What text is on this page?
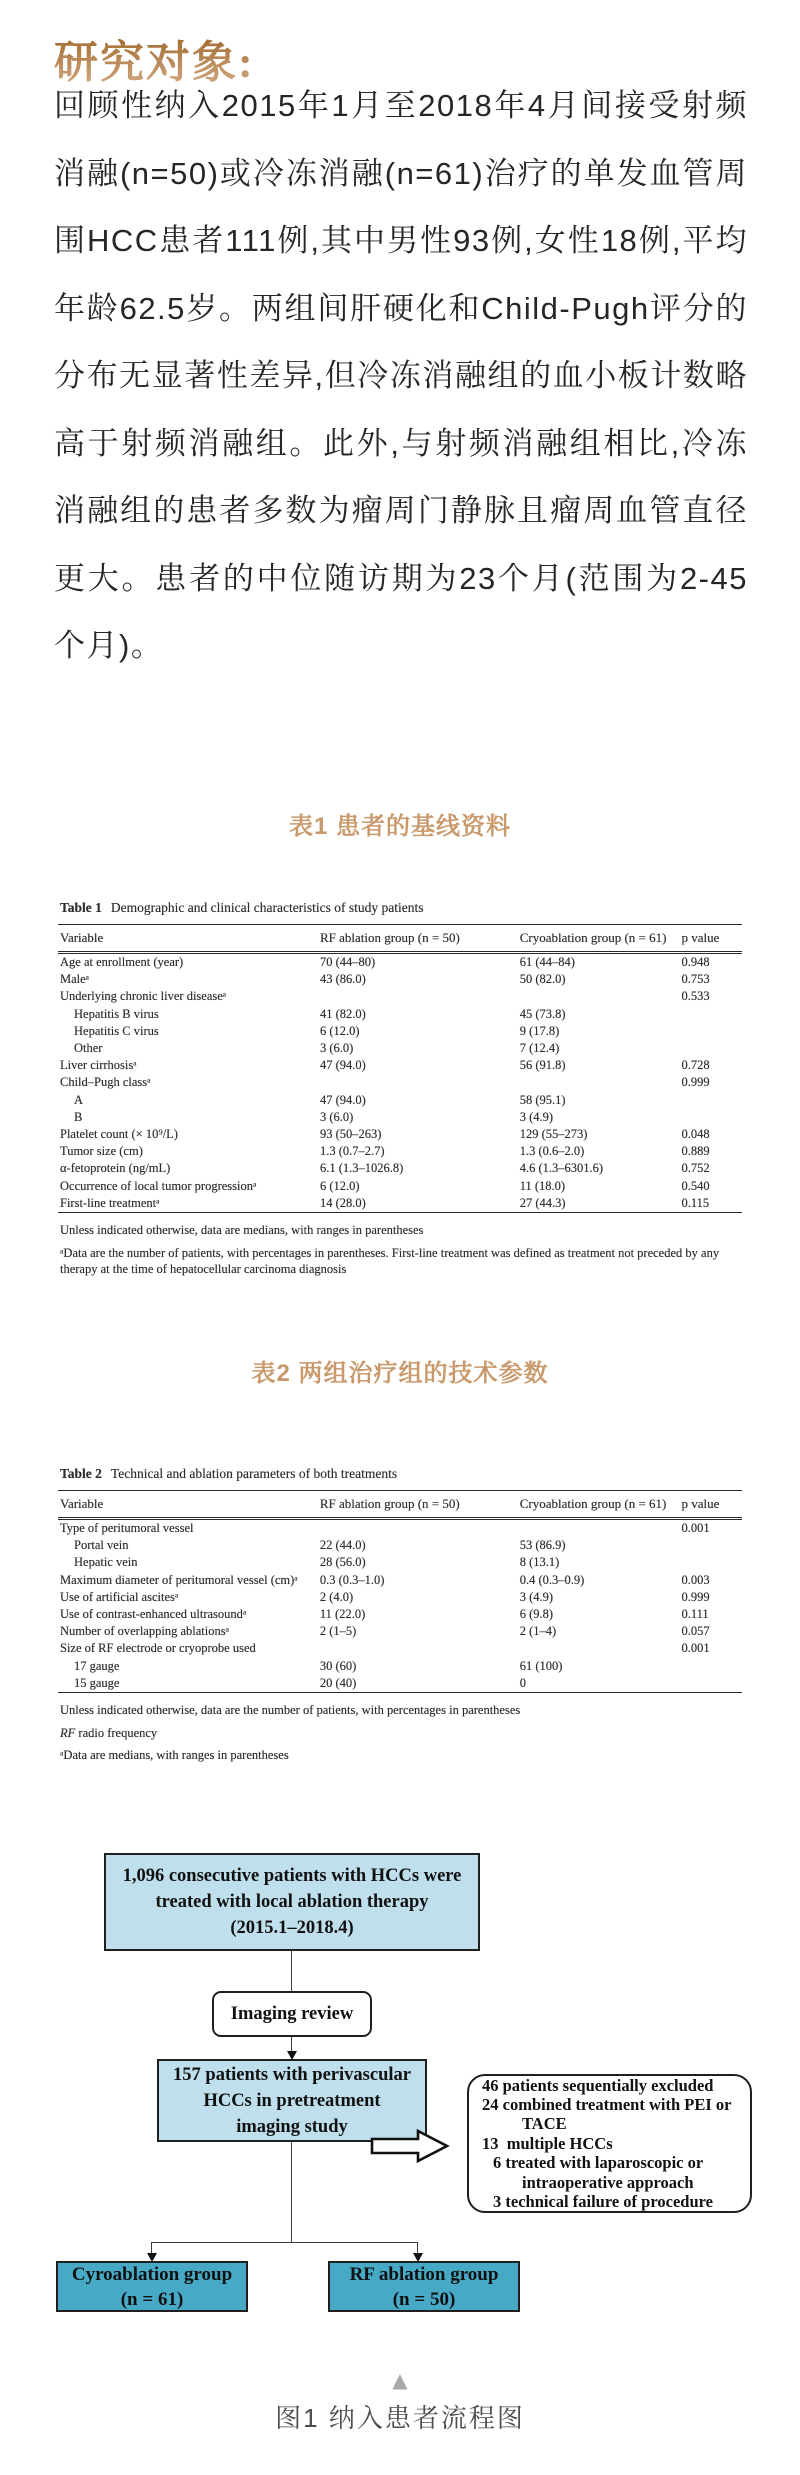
研究对象:

回顾性纳入2015年1月至2018年4月间接受射频消融(n=50)或冷冻消融(n=61)治疗的单发血管周围HCC患者111例,其中男性93例,女性18例,平均年龄62.5岁。两组间肝硬化和Child-Pugh评分的分布无显著性差异,但冷冻消融组的血小板计数略高于射频消融组。此外,与射频消融组相比,冷冻消融组的患者多数为瘤周门静脉且瘤周血管直径更大。患者的中位随访期为23个月(范围为2-45个月)。

表1 患者的基线资料
Table 1 Demographic and clinical characteristics of study patients
Variable	RF ablation group (n = 50)	Cryoablation group (n = 61)	p value
Age at enrollment (year)	70 (44–80)	61 (44–84)	0.948
Maleᵃ	43 (86.0)	50 (82.0)	0.753
Underlying chronic liver diseaseᵃ			0.533
Hepatitis B virus	41 (82.0)	45 (73.8)	
Hepatitis C virus	6 (12.0)	9 (17.8)	
Other	3 (6.0)	7 (12.4)	
Liver cirrhosisᵃ	47 (94.0)	56 (91.8)	0.728
Child–Pugh classᵃ			0.999
A	47 (94.0)	58 (95.1)	
B	3 (6.0)	3 (4.9)	
Platelet count (× 10⁹/L)	93 (50–263)	129 (55–273)	0.048
Tumor size (cm)	1.3 (0.7–2.7)	1.3 (0.6–2.0)	0.889
α-fetoprotein (ng/mL)	6.1 (1.3–1026.8)	4.6 (1.3–6301.6)	0.752
Occurrence of local tumor progressionᵃ	6 (12.0)	11 (18.0)	0.540
First-line treatmentᵃ	14 (28.0)	27 (44.3)	0.115
Unless indicated otherwise, data are medians, with ranges in parentheses
ᵃData are the number of patients, with percentages in parentheses. First-line treatment was defined as treatment not preceded by any therapy at the time of hepatocellular carcinoma diagnosis
表2 两组治疗组的技术参数
Table 2 Technical and ablation parameters of both treatments
Variable	RF ablation group (n = 50)	Cryoablation group (n = 61)	p value
Type of peritumoral vessel			0.001
Portal vein	22 (44.0)	53 (86.9)	
Hepatic vein	28 (56.0)	8 (13.1)	
Maximum diameter of peritumoral vessel (cm)ᵃ	0.3 (0.3–1.0)	0.4 (0.3–0.9)	0.003
Use of artificial ascitesᵃ	2 (4.0)	3 (4.9)	0.999
Use of contrast-enhanced ultrasoundᵃ	11 (22.0)	6 (9.8)	0.111
Number of overlapping ablationsᵃ	2 (1–5)	2 (1–4)	0.057
Size of RF electrode or cryoprobe used			0.001
17 gauge	30 (60)	61 (100)	
15 gauge	20 (40)	0	
Unless indicated otherwise, data are the number of patients, with percentages in parentheses
RF radio frequency
ᵃData are medians, with ranges in parentheses
1,096 consecutive patients with HCCs were
treated with local ablation therapy
(2015.1–2018.4)
Imaging review
157 patients with perivascular
HCCs in pretreatment
imaging study
46 patients sequentially excluded
24 combined treatment with PEI or
TACE
13  multiple HCCs
6 treated with laparoscopic or
intraoperative approach
3 technical failure of procedure
Cyroablation group
(n = 61)
RF ablation group
(n = 50)
▲

图1 纳入患者流程图
